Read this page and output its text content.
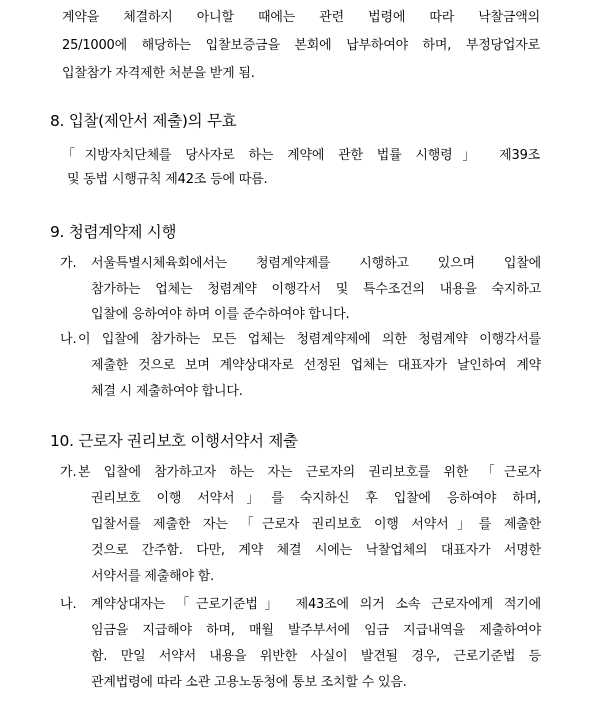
계약을 체결하지 아니할 때에는 관련 법령에 따라 낙찰금액의
25/1000에 해당하는 입찰보증금을 본회에 납부하여야 하며, 부정당업자로
입찰참가 자격제한 처분을 받게 됨.
8. 입찰(제안서 제출)의 무효
「지방자치단체를 당사자로 하는 계약에 관한 법률 시행령」 제39조
및 동법 시행규칙 제42조 등에 따름.
9. 청렴계약제 시행
가. 서울특별시체육회에서는 청렴계약제를 시행하고 있으며 입찰에
참가하는 업체는 청렴계약 이행각서 및 특수조건의 내용을 숙지하고
입찰에 응하여야 하며 이를 준수하여야 합니다.
나. 이 입찰에 참가하는 모든 업체는 청렴계약제에 의한 청렴계약 이행각서를
제출한 것으로 보며 계약상대자로 선정된 업체는 대표자가 날인하여 계약
체결 시 제출하여야 합니다.
10. 근로자 권리보호 이행서약서 제출
가. 본 입찰에 참가하고자 하는 자는 근로자의 권리보호를 위한 「근로자
권리보호 이행 서약서」를 숙지하신 후 입찰에 응하여야 하며,
입찰서를 제출한 자는 「근로자 권리보호 이행 서약서」를 제출한
것으로 간주함. 다만, 계약 체결 시에는 낙찰업체의 대표자가 서명한
서약서를 제출해야 함.
나. 계약상대자는 「근로기준법」 제43조에 의거 소속 근로자에게 적기에
임금을 지급해야 하며, 매월 발주부서에 임금 지급내역을 제출하여야
함. 만일 서약서 내용을 위반한 사실이 발견될 경우, 근로기준법 등
관계법령에 따라 소관 고용노동청에 통보 조치할 수 있음.
